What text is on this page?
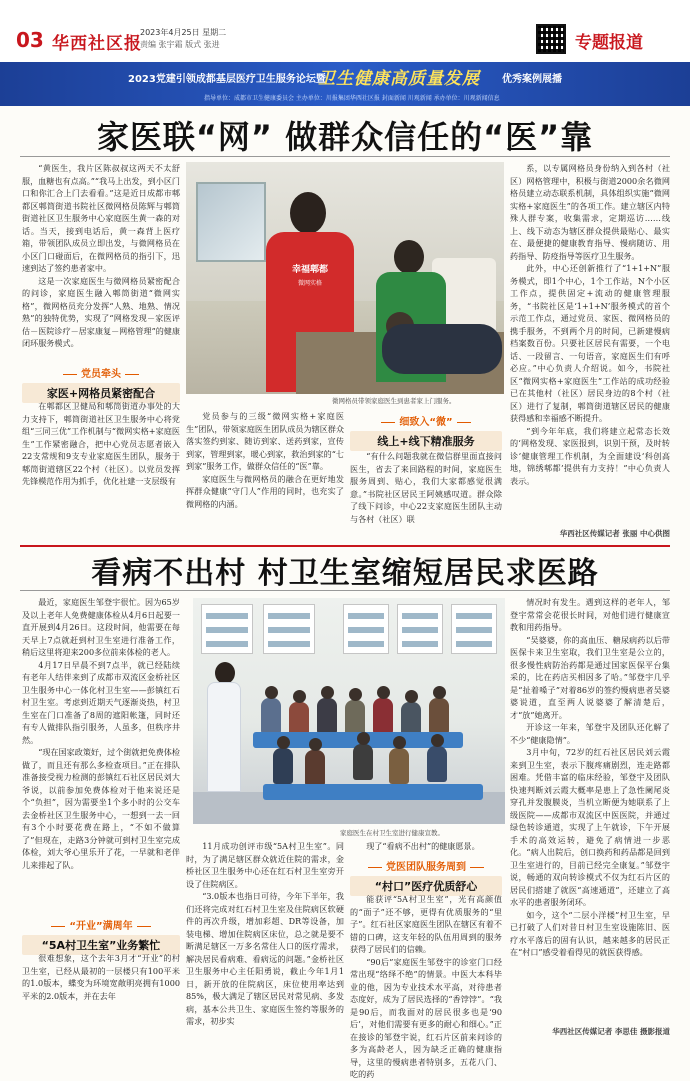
03 华西社区报
2023年4月25日 星期二
责编 张宇霜 版式 张进	专题报道
2023党建引领成都基层医疗卫生服务论坛暨
卫生健康高质量发展 优秀案例展播
指导单位：成都市卫生健康委员会 主办单位：川报集团华西社区报 封面新闻 川观新闻 承办单位：川观新闻信息
家医联“网” 做群众信任的“医”靠

“黄医生，我片区陈叔叔这两天不太舒服，血糖也有点高。”“我马上出发，到小区门口和你汇合上门去看看。”这是近日成都市郫都区郫筒街道书院社区微网格员陈辉与郫筒街道社区卫生服务中心家庭医生黄一森的对话。当天，接到电话后，黄一森背上医疗箱，带领团队成员立即出发，与微网格员在小区门口碰面后，在微网格员的指引下，迅速到达了签约患者家中。

这是一次家庭医生与微网格员紧密配合的问诊，家庭医生融入郫筒街道“微网实格”，微网格员充分发挥“人熟、地熟、情况熟”的独特优势，实现了“网格发现－家医评估－医院诊疗－居家康复－网格管理”的健康闭环服务模式。

党员牵头
家医+网格员紧密配合

在郫都区卫健局和郫筒街道办事处的大力支持下，郫筒街道社区卫生服务中心将党组“三同三优”工作机制与“微网实格+家庭医生”工作紧密融合，把中心党员志愿者嵌入22支常规和9支专业家庭医生团队，服务于郫筒街道辖区22个村（社区）。以党员发挥先锋模范作用为抓手，优化社建一支层级有

幸福郫都
微网实格
微网格员带领家庭医生到患者家上门服务。

党员参与的三级“微网实格+家庭医生”团队，带领家庭医生团队成员为辖区群众落实签约到家、随访到家、送药到家，宣传到家，管理到家，暖心到家，救治到家的“七到家”服务工作，做群众信任的“医”靠。

家庭医生与微网格员的融合在更好地发挥群众健康“守门人”作用的同时，也充实了微网格的内涵。

细致入“微”
线上+线下精准服务

“有什么问题我就在微信群里面直接问医生，省去了来回路程的时间，家庭医生服务周到、贴心，我们大家都感觉很满意。”书院社区居民王阿姨感叹道。群众除了线下问诊，中心22支家庭医生团队主动与各村（社区）联

系，以专属网格员身份纳入到各村（社区）网格管理中，积极与街道2000余名微网格员建立动态联系机制，具体组织实施“微网实格+家庭医生”的各项工作。建立辖区内特殊人群专案，收集需求，定期巡访……线上、线下动态为辖区群众提供最贴心、最实在、最便捷的健康教育指导、慢病随访、用药指导、防疫指导等医疗卫生服务。

此外，中心还创新推行了“1+1+N”服务模式，即1个中心，1个工作站，N个小区工作点，提供固定+流动的健康管理服务，“书院社区是‘1+1+N’服务模式的首个示范工作点，通过党员、家医、微网格员的携手服务，不到两个月的时间，已新建慢病档案数百份。只要社区居民有需要，一个电话、一段留言、一句语音，家庭医生们有呼必应。”中心负责人介绍说。如今，书院社区“微网实格+家庭医生”工作站的成功经验已在其他村（社区）居民身边的8个村（社区）进行了复制，郫筒街道辖区居民的健康获得感和幸福感不断提升。

“到今年年底，我们将建立起常态长效的‘网格发现、家医报到，识别干预，及时转诊’健康管理工作机制，为全面建设‘科创高地，锦绣郫都’提供有力支持！”中心负责人表示。

华西社区传媒记者 张丽 中心供图

看病不出村 村卫生室缩短居民求医路

最近，家庭医生邹登宇很忙。因为65岁及以上老年人免费健康体检从4月6日起要一直开展到4月26日。这段时间，他需要在每天早上7点就赶到村卫生室进行准备工作，稍后这里将迎来200多位前来体检的老人。

4月17日早晨不到7点半，就已经陆续有老年人结伴来到了成都市双流区金桥社区卫生服务中心一体化村卫生室——彭镇红石村卫生室。考虑到近期天气逐渐炎热，村卫生室在门口准备了8周的遮阳帐篷，同时还有专人做排队指引服务，人虽多，但秩序井然。

“现在国家政策好，过个街就把免费体检做了，而且还有那么多检查项目。”正在排队准备接受视力检测的彭镇红石社区居民刘大爷说，以前参加免费体检对于他来说还是个“负担”，因为需要坐1个多小时的公交车去金桥社区卫生服务中心，一想到一去一回有3个小时要花费在路上，“不如不做算了”但现在，走路3分钟就可到村卫生室完成体检，刘大爷心里乐开了花，一早就和老伴儿来排起了队。

“开业”满周年
“5A村卫生室”业务繁忙

很难想象，这个去年3月才“开业”的村卫生室，已经从最初的一层楼只有100平米的1.0版本，蝶变为环境宽敞明亮拥有1000平米的2.0版本，并在去年

家庭医生在村卫生室进行健康宣教。

11月成功创评市级“5A村卫生室”。同时，为了满足辖区群众就近住院的需求，金桥社区卫生服务中心还在红石村卫生室旁开设了住院病区。

“3.0版本也指日可待，今年下半年，我们还将完成对红石村卫生室及住院病区软硬件的再次升级，增加彩超、DR等设备，加装电梯、增加住院病区床位，总之就是要不断满足辖区一万多名常住人口的医疗需求，解决居民看病难、看病远的问题。”金桥社区卫生服务中心主任阳勇说，截止今年1月1日，新开放的住院病区，床位使用率达到85%，极大满足了辖区居民对常见病、多发病，基本公共卫生、家庭医生签约等服务的需求，初步实

现了“看病不出村”的健康愿景。

党医团队服务周到
“村口”医疗优质舒心

能获评“5A村卫生室”，光有高颜值的“面子”还不够，更得有优质服务的“里子”。红石社区家庭医生团队在辖区有着不错的口碑，这支年轻的队伍用周到的服务获得了居民们的信赖。

“90后”家庭医生邹登宇的诊室门口经常出现“络绎不绝”的情景。中医大本科毕业的他，因为专业技术水平高，对待患者态度好，成为了居民选择的“香饽饽”。“我是90后，而我面对的居民很多也是‘90后’，对他们需要有更多的耐心和细心。”正在接诊的邹登宇说，红石片区前来问诊的多为高龄老人，因为缺乏正确的健康指导，这里的慢病患者特别多，五花八门、吃的药

情况时有发生。遇到这样的老年人，邹登宇常常会花很长时间，对他们进行健康宣教和用药指导。

“吴婆婆，你的高血压、糖尿病药以后带医保卡来卫生室取，我们卫生室是公立的，很多慢性病防治药都是通过国家医保平台集采的，比在药店买相因多了哈。”邹登宇几乎是“扯着嗓子”对着86岁的签约慢病患者吴婆婆说道，直至两人说婆婆了解清楚后，才“放”她离开。

开诊这一年来，邹登宇及团队还化解了不少“健康隐情”。

3月中旬，72岁的红石社区居民刘云霞来到卫生室，表示下腹疼痛剧烈，连走路都困难。凭借丰富的临床经验，邹登宇及团队快速判断刘云霞大概率是患上了急性阑尾炎穿孔并发腹膜炎，当机立断便为她联系了上级医院——成都市双流区中医医院，并通过绿色转诊通道，实现了上午就诊，下午开展手术的高效运转，避免了病情进一步恶化。“病人出院后，创口换药和药品都是回到卫生室进行的，目前已经完全康复。”邹登宇说，畅通的双向转诊模式不仅为红石片区的居民们搭建了就医“高速通道”，还建立了高水平的患者服务闭环。

如今，这个“二层小洋楼”村卫生室，早已打破了人们对昔日村卫生室设施陈旧、医疗水平落后的固有认识，越来越多的居民正在“村口”感受着看得见的就医获得感。

华西社区传媒记者 李思佳 摄影报道
